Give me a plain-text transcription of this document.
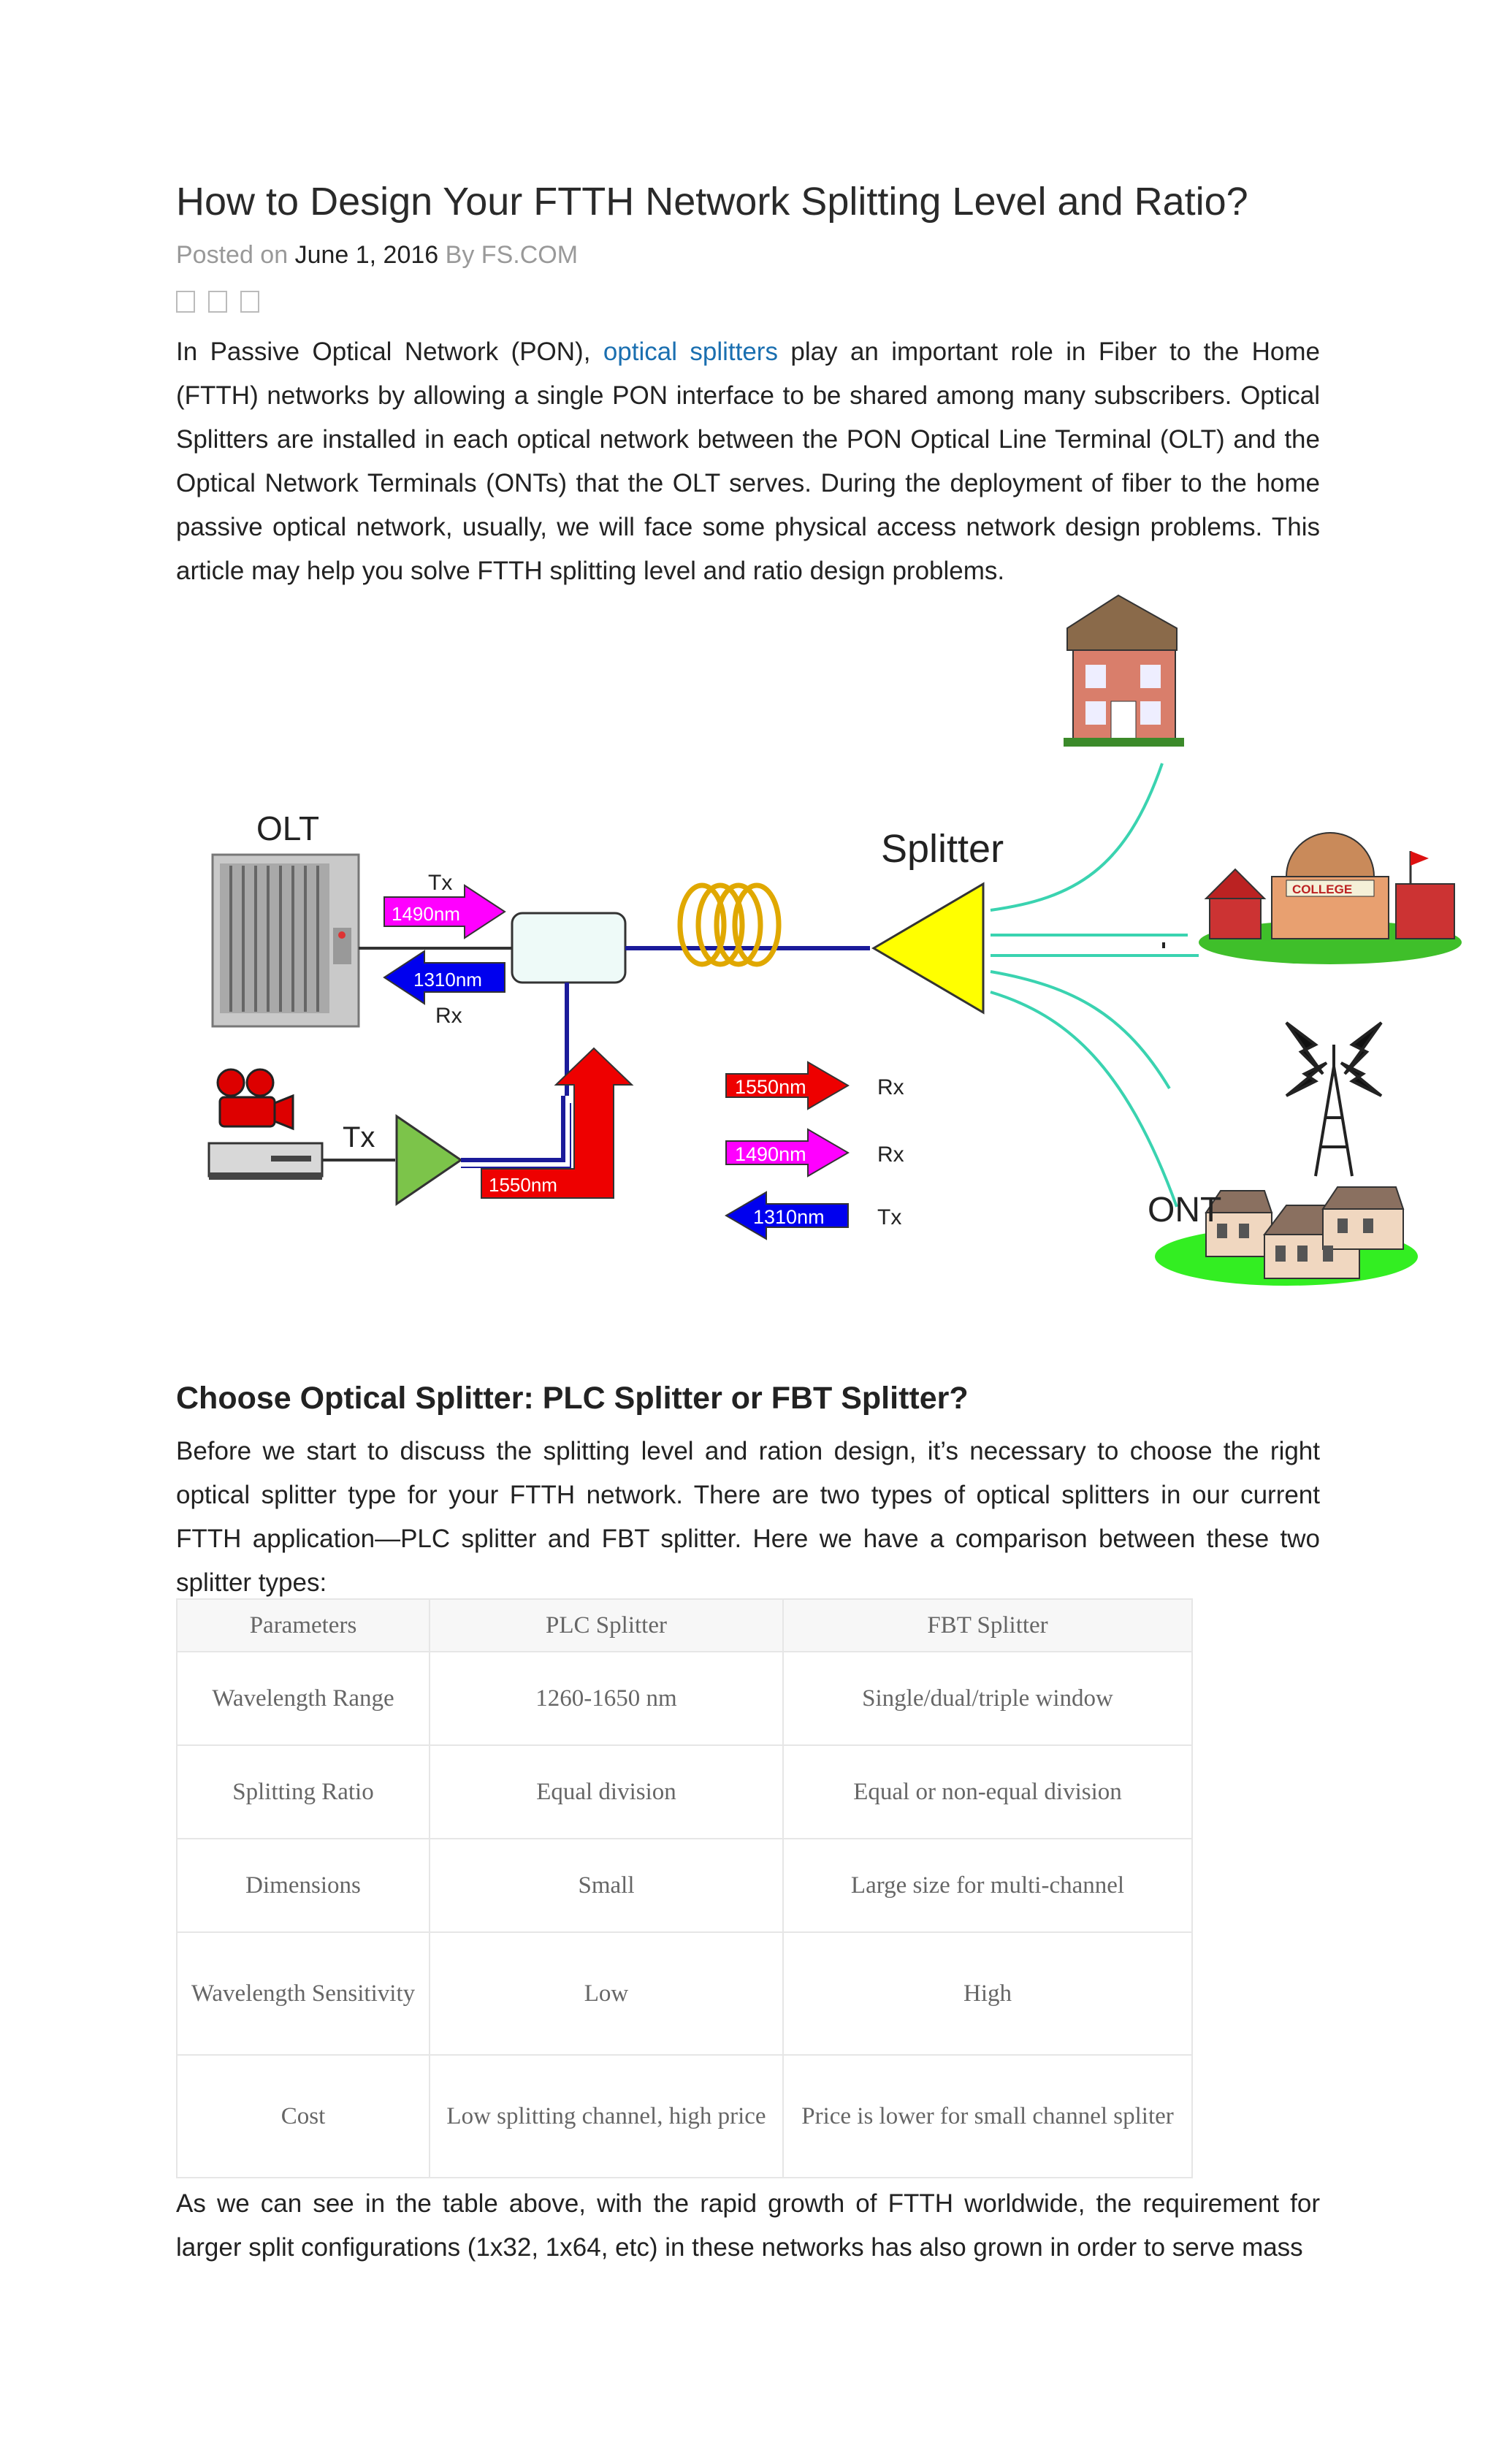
How to Design Your FTTH Network Splitting Level and Ratio?
Posted on June 1, 2016 By FS.COM

In Passive Optical Network (PON), optical splitters play an important role in Fiber to the Home (FTTH) networks by allowing a single PON interface to be shared among many subscribers. Optical Splitters are installed in each optical network between the PON Optical Line Terminal (OLT) and the Optical Network Terminals (ONTs) that the OLT serves. During the deployment of fiber to the home passive optical network, usually, we will face some physical access network design problems. This article may help you solve FTTH splitting level and ratio design problems.

OLT
Tx
1490nm
1310nm
Rx
Splitter
COLLEGE
ONT
Tx
1550nm
1550nm	Rx
1490nm	Rx
1310nm Tx
Choose Optical Splitter: PLC Splitter or FBT Splitter?

Before we start to discuss the splitting level and ration design, it’s necessary to choose the right optical splitter type for your FTTH network. There are two types of optical splitters in our current FTTH application—PLC splitter and FBT splitter. Here we have a comparison between these two splitter types:

Parameters	PLC Splitter	FBT Splitter
Wavelength Range	1260-1650 nm	Single/dual/triple window
Splitting Ratio	Equal division	Equal or non-equal division
Dimensions	Small	Large size for multi-channel
Wavelength Sensitivity	Low	High
Cost	Low splitting channel, high price	Price is lower for small channel spliter

As we can see in the table above, with the rapid growth of FTTH worldwide, the requirement for larger split configurations (1x32, 1x64, etc) in these networks has also grown in order to serve mass
